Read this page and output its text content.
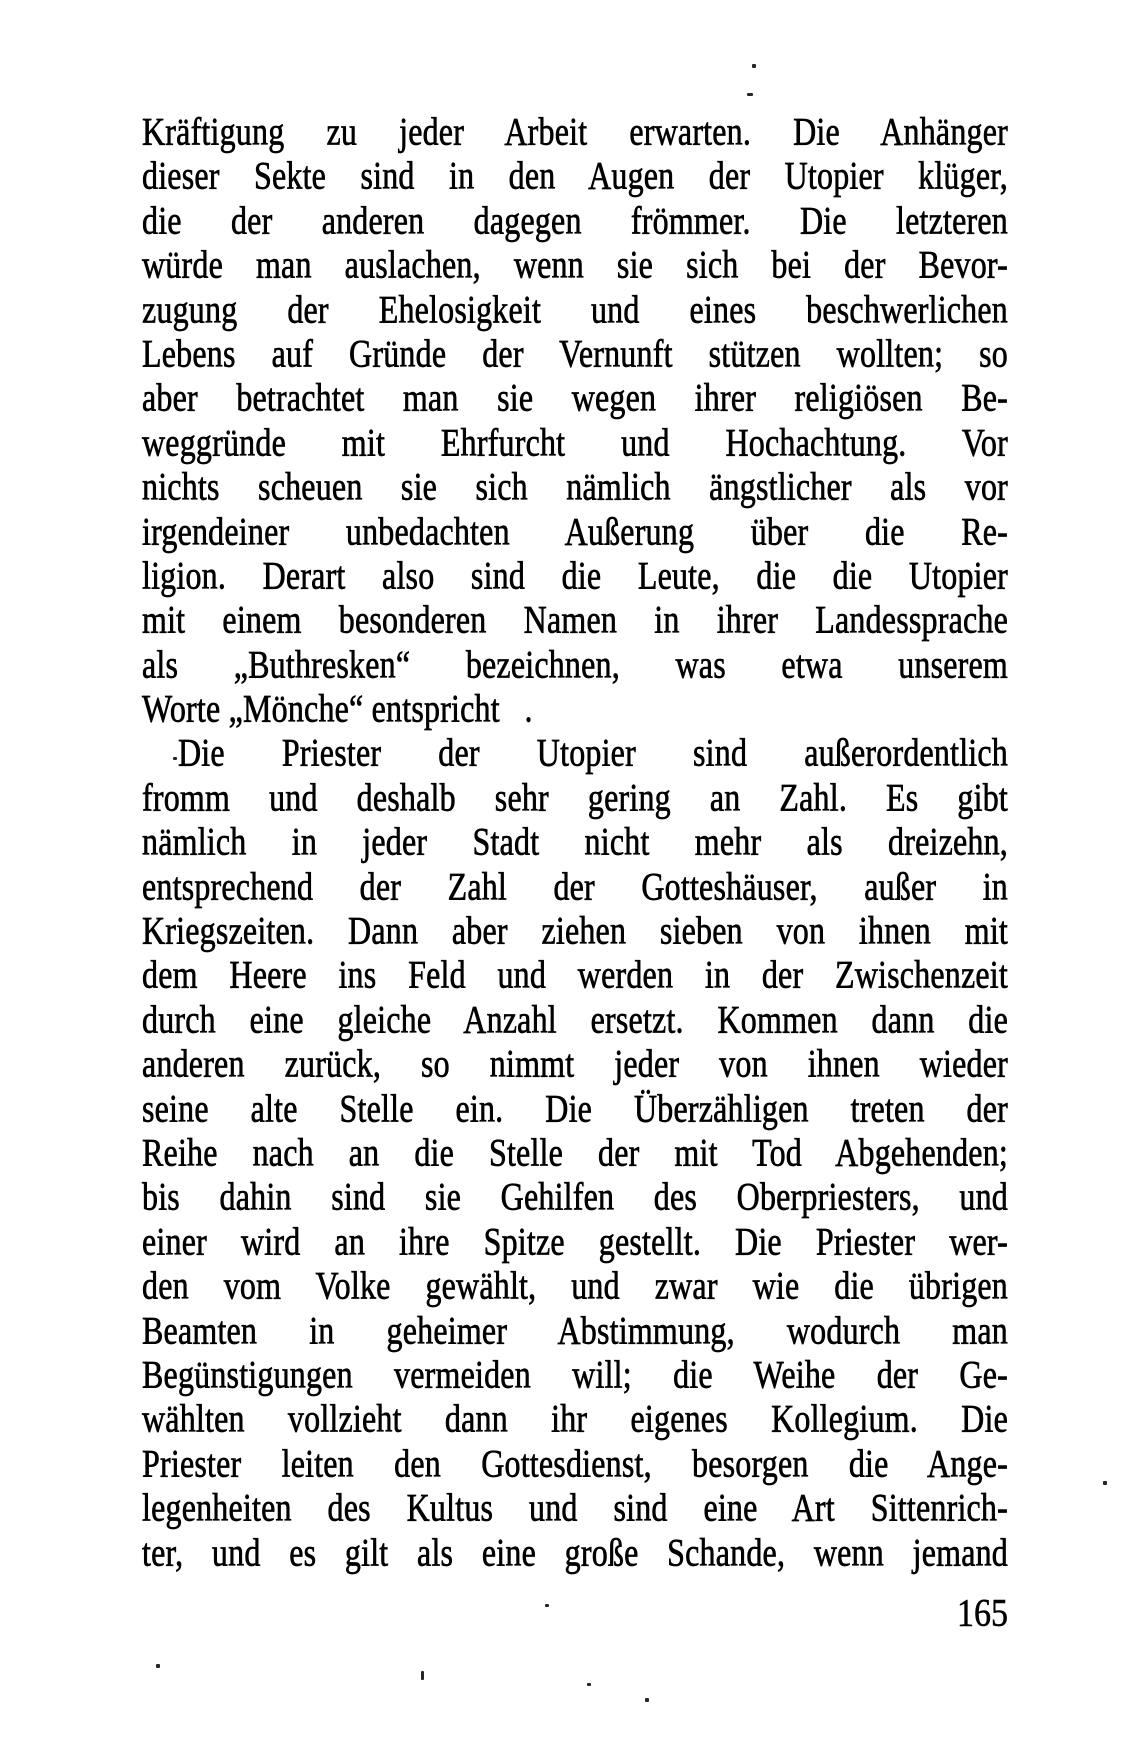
Kräftigung zu jeder Arbeit erwarten. Die Anhänger
dieser Sekte sind in den Augen der Utopier klüger,
die der anderen dagegen frömmer. Die letzteren
würde man auslachen, wenn sie sich bei der Bevor-
zugung der Ehelosigkeit und eines beschwerlichen
Lebens auf Gründe der Vernunft stützen wollten; so
aber betrachtet man sie wegen ihrer religiösen Be-
weggründe mit Ehrfurcht und Hochachtung. Vor
nichts scheuen sie sich nämlich ängstlicher als vor
irgendeiner unbedachten Außerung über die Re-
ligion. Derart also sind die Leute, die die Utopier
mit einem besonderen Namen in ihrer Landessprache
als „Buthresken“ bezeichnen, was etwa unserem
Worte „Mönche“ entspricht   .
Die Priester der Utopier sind außerordentlich
fromm und deshalb sehr gering an Zahl. Es gibt
nämlich in jeder Stadt nicht mehr als dreizehn,
entsprechend der Zahl der Gotteshäuser, außer in
Kriegszeiten. Dann aber ziehen sieben von ihnen mit
dem Heere ins Feld und werden in der Zwischenzeit
durch eine gleiche Anzahl ersetzt. Kommen dann die
anderen zurück, so nimmt jeder von ihnen wieder
seine alte Stelle ein. Die Überzähligen treten der
Reihe nach an die Stelle der mit Tod Abgehenden;
bis dahin sind sie Gehilfen des Oberpriesters, und
einer wird an ihre Spitze gestellt. Die Priester wer-
den vom Volke gewählt, und zwar wie die übrigen
Beamten in geheimer Abstimmung, wodurch man
Begünstigungen vermeiden will; die Weihe der Ge-
wählten vollzieht dann ihr eigenes Kollegium. Die
Priester leiten den Gottesdienst, besorgen die Ange-
legenheiten des Kultus und sind eine Art Sittenrich-
ter, und es gilt als eine große Schande, wenn jemand
165
